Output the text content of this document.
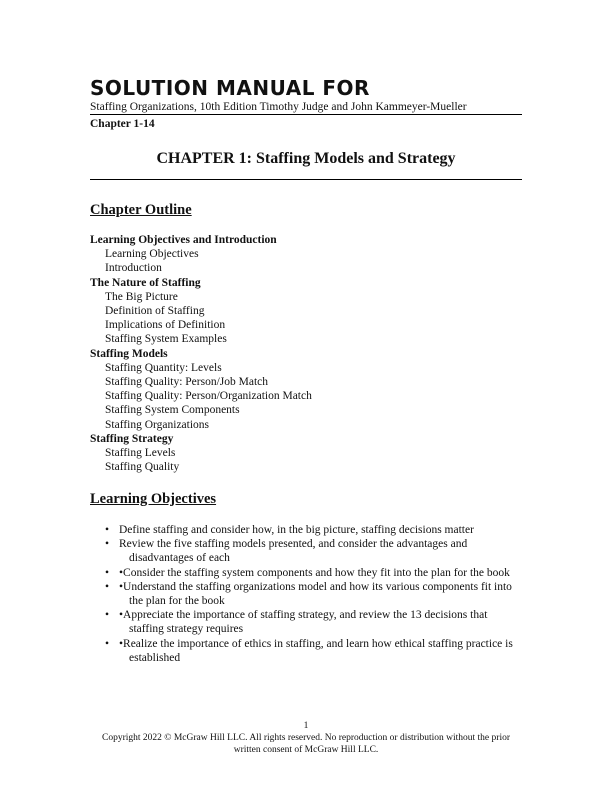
SOLUTION MANUAL FOR
Staffing Organizations, 10th Edition Timothy Judge and John Kammeyer-Mueller
Chapter 1-14
CHAPTER 1: Staffing Models and Strategy
Chapter Outline
Learning Objectives and Introduction
Learning Objectives
Introduction
The Nature of Staffing
The Big Picture
Definition of Staffing
Implications of Definition
Staffing System Examples
Staffing Models
Staffing Quantity: Levels
Staffing Quality: Person/Job Match
Staffing Quality: Person/Organization Match
Staffing System Components
Staffing Organizations
Staffing Strategy
Staffing Levels
Staffing Quality
Learning Objectives
• Define staffing and consider how, in the big picture, staffing decisions matter
• Review the five staffing models presented, and consider the advantages and disadvantages of each
• •Consider the staffing system components and how they fit into the plan for the book
• •Understand the staffing organizations model and how its various components fit into the plan for the book
• •Appreciate the importance of staffing strategy, and review the 13 decisions that staffing strategy requires
• •Realize the importance of ethics in staffing, and learn how ethical staffing practice is established
1
Copyright 2022 © McGraw Hill LLC. All rights reserved. No reproduction or distribution without the prior written consent of McGraw Hill LLC.
